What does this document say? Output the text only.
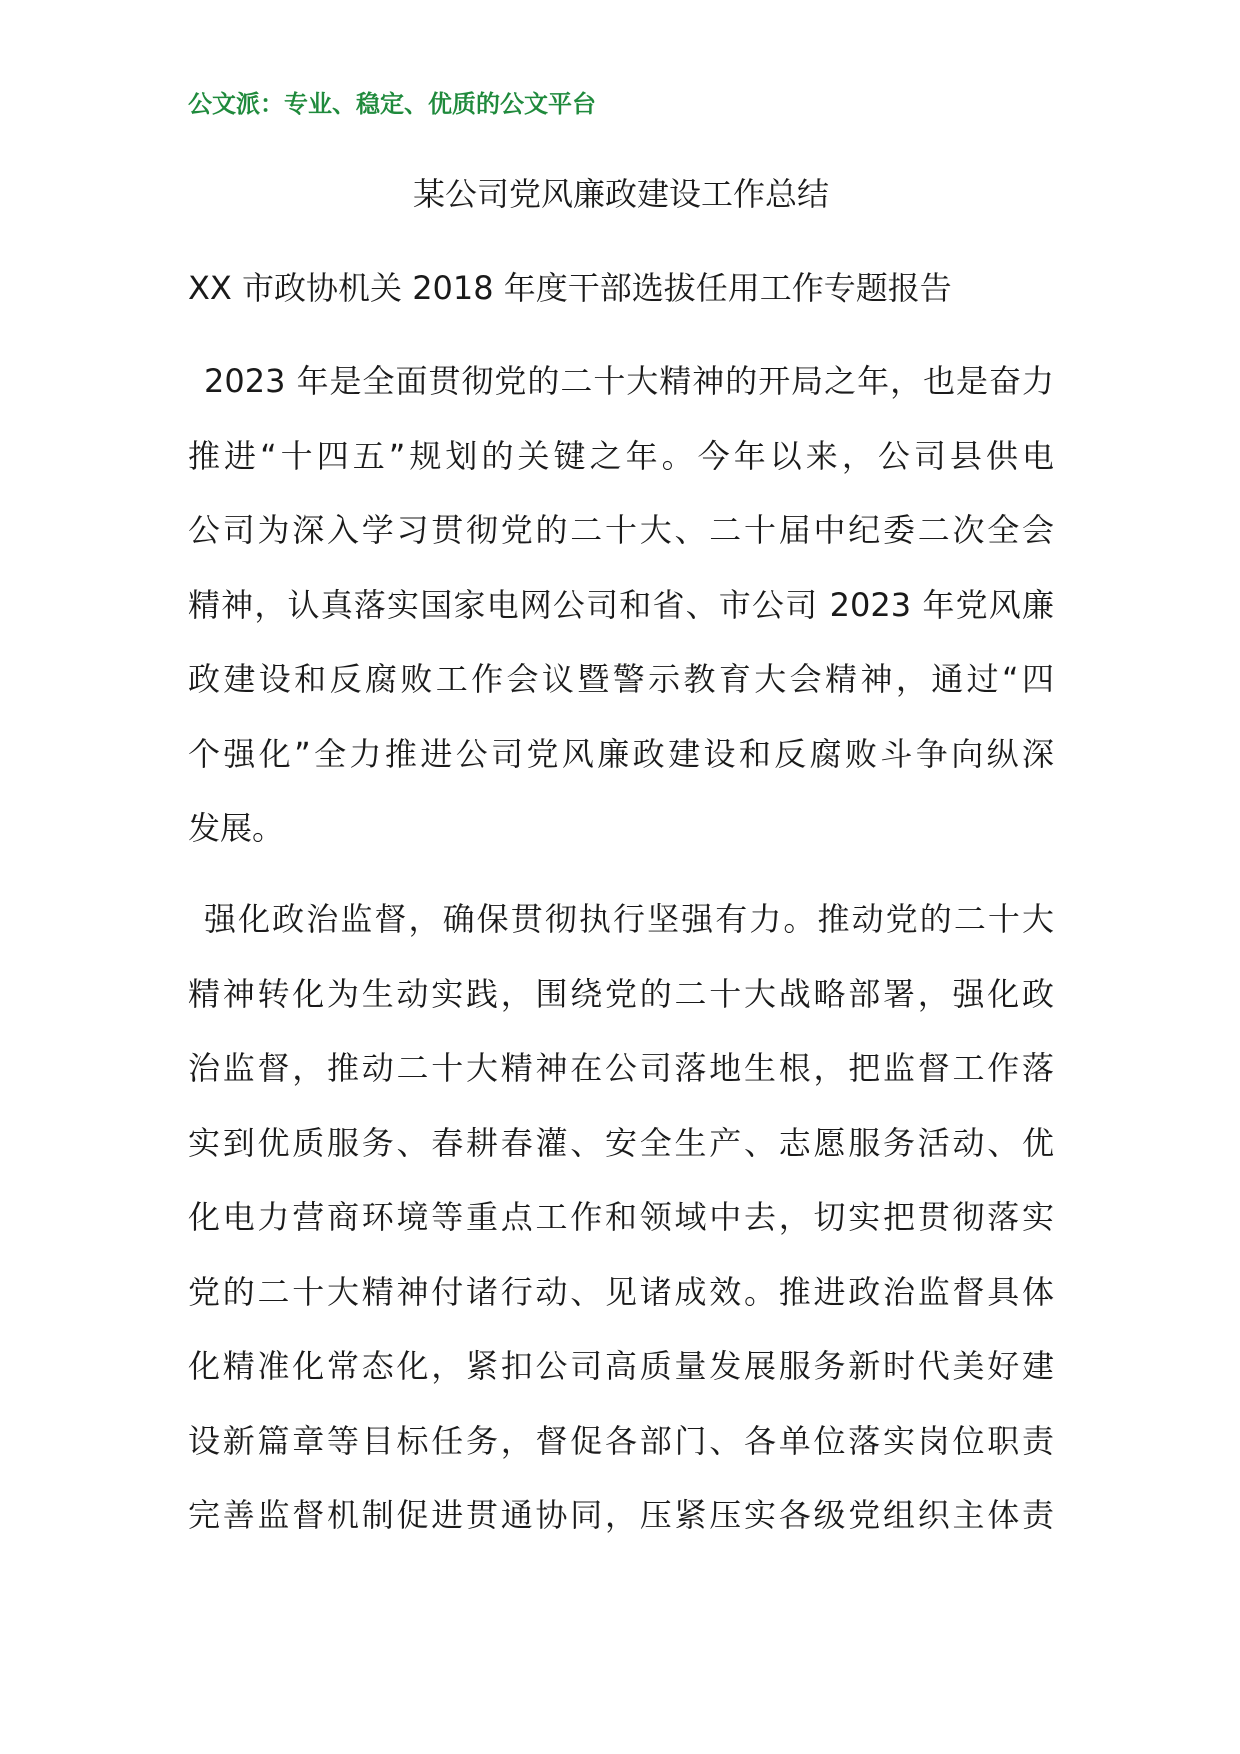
公文派：专业、稳定、优质的公文平台
某公司党风廉政建设工作总结
XX 市政协机关 2018 年度干部选拔任用工作专题报告
2023 年是全面贯彻党的二十大精神的开局之年，也是奋力
推进“十四五”规划的关键之年。今年以来，公司县供电
公司为深入学习贯彻党的二十大、二十届中纪委二次全会
精神，认真落实国家电网公司和省、市公司 2023 年党风廉
政建设和反腐败工作会议暨警示教育大会精神，通过“四
个强化”全力推进公司党风廉政建设和反腐败斗争向纵深
发展。
强化政治监督，确保贯彻执行坚强有力。推动党的二十大
精神转化为生动实践，围绕党的二十大战略部署，强化政
治监督，推动二十大精神在公司落地生根，把监督工作落
实到优质服务、春耕春灌、安全生产、志愿服务活动、优
化电力营商环境等重点工作和领域中去，切实把贯彻落实
党的二十大精神付诸行动、见诸成效。推进政治监督具体
化精准化常态化，紧扣公司高质量发展服务新时代美好建
设新篇章等目标任务，督促各部门、各单位落实岗位职责
完善监督机制促进贯通协同，压紧压实各级党组织主体责
